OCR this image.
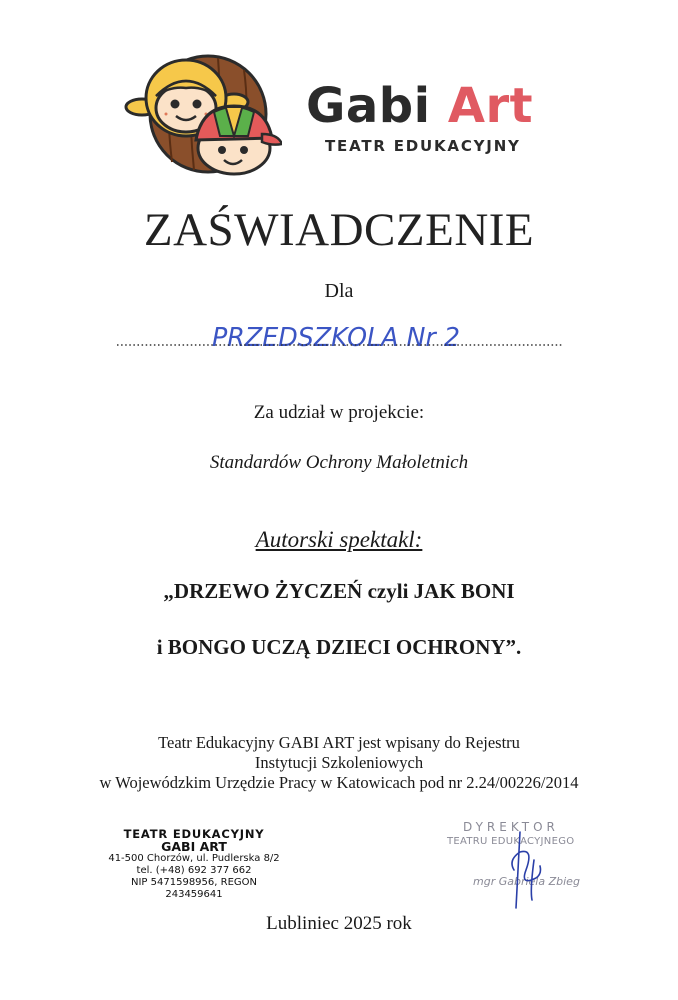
Gabi Art
TEATR EDUKACYJNY
ZAŚWIADCZENIE
Dla
PRZEDSZKOLA Nr 2
Za udział w projekcie:
Standardów Ochrony Małoletnich
Autorski spektakl:
„DRZEWO ŻYCZEŃ czyli JAK BONI
i BONGO UCZĄ DZIECI OCHRONY”.
Teatr Edukacyjny GABI ART jest wpisany do Rejestru
Instytucji Szkoleniowych
w Wojewódzkim Urzędzie Pracy w Katowicach pod nr 2.24/00226/2014
TEATR EDUKACYJNY
GABI ART
41-500 Chorzów, ul. Pudlerska 8/2
tel. (+48) 692 377 662
NIP 5471598956, REGON 243459641
DYREKTOR
TEATRU EDUKACYJNEGO
mgr Gabriela Zbieg
Lubliniec 2025 rok
